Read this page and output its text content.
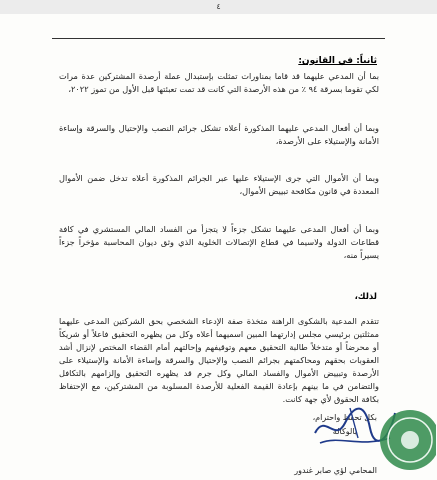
٤
ثانياً: في القانون:
بما أن المدعي عليهما قد قاما بمناورات تمثلت بإستبدال عملة أرصدة المشتركين عدة مرات لكي تقوما بسرقة ٩٤ ٪ من هذه الأرصدة التي كانت قد تمت تعبئتها قبل الأول من تموز ٢٠٢٢،
وبما أن أفعال المدعي عليهما المذكورة أعلاه تشكل جرائم النصب والإحتيال والسرقة وإساءة الأمانة والإستيلاء على الأرصدة،
وبما أن الأموال التي جرى الإستيلاء عليها عبر الجرائم المذكورة أعلاه تدخل ضمن الأموال المعددة في قانون مكافحة تبييض الأموال،
وبما أن أفعال المدعى عليهما تشكل جزءاً لا يتجزأ من الفساد المالي المستشري في كافة قطاعات الدولة ولاسيما في قطاع الإتصالات الخلوية الذي وثق ديوان المحاسبة مؤخراً جزءاً يسيراً منه،
لذلك،
تتقدم المدعية بالشكوى الراهنة متخذة صفة الإدعاء الشخصي بحق الشركتين المدعى عليهما ممثلتين برئيسي مجلس إدارتهما المبين اسميهما أعلاه وكل من يظهره التحقيق فاعلاً أو شريكاً أو محرضاً أو متدخلاً طالبة التحقيق معهم وتوقيفهم وإحالتهم أمام القضاء المختص لإنزال أشد العقوبات بحقهم ومحاكمتهم بجرائم النصب والإحتيال والسرقة وإساءة الأمانة والإستيلاء على الأرصدة وتبييض الأموال والفساد المالي وكل جرم قد يظهره التحقيق وإلزامهم بالتكافل والتضامن في ما بينهم بإعادة القيمة الفعلية للأرصدة المسلوبة من المشتركين، مع الإحتفاظ بكافة الحقوق لأي جهة كانت.
بكل تحفظ واحترام،
بالوكالة
المحامي لؤي صابر غندور
